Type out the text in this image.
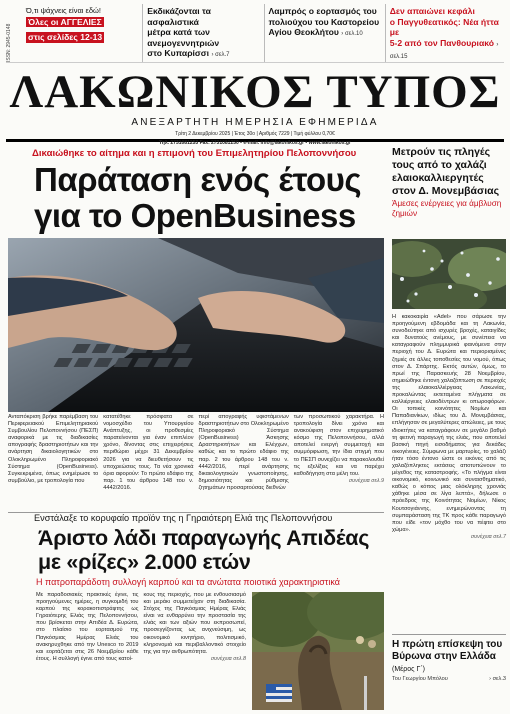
ISSN: 2945-0148
Ό,τι ψάχνεις είναι εδώ!
Όλες οι ΑΓΓΕΛΙΕΣ
στις σελίδες 12-13
Εκδικάζονται τα ασφαλιστικά
μέτρα κατά των ανεμογεννητριών
στο Κυπαρίσσι › σελ.7
Λαμπρός ο εορτασμός του
πολιούχου του Καστορείου
Αγίου Θεοκλήτου › σελ.10
Δεν απαιώνει κεφάλι
ο Παγγυθεατικός: Νέα ήττα με
5-2 από τον Πανθουριακό › σελ.15
ΛΑΚΩΝΙΚΟΣ ΤΥΠΟΣ
ΑΝΕΞΑΡΤΗΤΗ ΗΜΕΡΗΣΙΑ ΕΦΗΜΕΡΙΔΑ
Τρίτη 2 Δεκεμβρίου 2025 | Έτος 30ο | Αριθμός 7229 | Τιμή φύλλου 0,70€
Τηλ. 2731081253 Fax. 2731081250 • e-mail. info@lakonikos.gr • www.lakonikos.gr
Δικαιώθηκε το αίτημα και η επιμονή του Επιμελητηρίου Πελοποννήσου
Παράταση ενός έτους για το OpenBusiness
Ανταπόκριση βρήκε παρέμβαση του Περιφερειακού Επιμελητηριακού Συμβουλίου Πελοποννήσου (ΠΕΣΠ) αναφορικά με τις διαδικασίες απογραφής δραστηριοτήτων και την ανάρτηση δικαιολογητικών στο Ολοκληρωμένο Πληροφοριακό Σύστημα (OpenBusiness). Συγκεκριμένα, όπως ενημέρωσε το συμβούλιο, με τροπολογία που
κατατέθηκε πρόσφατα σε νομοσχέδιο του Υπουργείου Ανάπτυξης, οι προθεσμίες παρατείνονται για έναν επιπλέον χρόνο, δίνοντας στις επιχειρήσεις περιθώριο μέχρι 31 Δεκεμβρίου 2026 για να διευθετήσουν τις υποχρεώσεις τους. Τα νέα χρονικά όρια αφορούν: Το πρώτο εδάφιο της παρ. 1 του άρθρου 148 του ν. 4442/2016.
περί απογραφής υφιστάμενων δραστηριοτήτων στο Ολοκληρωμένο Πληροφοριακό Σύστημα (OpenBusiness) Άσκησης Δραστηριοτήτων και Ελέγχων, καθώς και το πρώτο εδάφιο της παρ. 2 του άρθρου 148 του ν. 4442/2016, περί ανάρτησης δικαιολογητικών γνωστοποίησης, δημοσιότητας και ρύθμισης ζητημάτων προσαρτούσας διεθνών
των προσωπικού χαρακτήρα. Η τροπολογία δίνει χρόνο και ανακούφιση στον επιχειρηματικό κόσμο της Πελοποννήσου, αλλά αποτελεί ενεργή συμμετοχή και συμμόρφωση, την ίδια στιγμή που το ΠΕΣΠ συνεχίζει να παρακολουθεί τις εξελίξεις και να παρέχει καθοδήγηση στα μέλη του.
συνέχεια σελ.9
Ενστάλαξε το κορυφαίο προϊόν της η Γηραιότερη Ελιά της Πελοποννήσου
Άριστο λάδι παραγωγής Απιδέας με «ρίζες» 2.000 ετών
Η πατροπαράδοτη συλλογή καρπού και τα ανώτατα ποιοτικά χαρακτηριστικά
Με παραδοσιακές πρακτικές έγινε, τις προηγούμενες ημέρες, η συγκομιδή του καρπού της κορακοπιστράφτης ως Γηραιότερης Ελιάς της Πελοποννήσου, που βρίσκεται στην Απιδέα Δ. Ευρώτα, στο πλαίσιο του εορτασμού της Παγκόσμιας Ημέρας Ελιάς του ανακηρυχθηκε από την Unesco το 2019 και εορτάζεται στις 26 Νοεμβρίου κάθε έτους. Η συλλογή έγινε από τους κατοί-
κους της περιοχής, που με ενθουσιασμό και μεράκι συμμετείχαν στη διαδικασία. Στόχος της Παγκόσμιας Ημέρας Ελιάς είναι να ενθαρρύνει την προστασία της ελιάς και των αξιών που εκπροσωπεί, προσεγγίζοντας ως ανιχνεύσιμη, ως οικονομικό κινητήριο, πολιτισμικό, κληρονομιά και περιβαλλοντικό στοιχείο της για την ανθρωπότητα.
συνέχεια σελ.8
Μετρούν τις πληγές τους από το χαλάζι ελαιοκαλλιεργητές στον Δ. Μονεμβάσιας
Άμεσες ενέργειες για άμβλυση ζημιών
Η κακοκαιρία «Adel» που σάρωσε την προηγούμενη εβδομάδα και τη Λακωνία, συνοδεύτηκε από ισχυρές βροχές, καταιγίδες και δυνατούς ανέμους, με συνέπεια να καταγραφούν πλημμυρικά φαινόμενα στην περιοχή του Δ. Ευρώτα και περιορισμένες ζημιές σε άλλες τοποθεσίες του νομού, όπως στον Δ. Σπάρτης. Εκτός αυτών, όμως, το πρωί της Παρασκευής 28 Νοεμβρίου, σημειώθηκε έντονη χαλαζόπτωση σε περιοχές της ελαιοκαλλιέργειας Λακωνίας, προκαλώντας εκτεταμένα πλήγματα σε καλλιέργειες ελαιοδέντρων κι οπωροφόρων. Οι τοπικές κοινότητες Νομίων και Παπαδιανίκων, ιδίως του Δ. Μονεμβάσιας, επλήγησαν σε μεγαλύτερες απώλειες, με τους ιδιοκτήτες να καταγράφουν σε μεγάλο βαθμό τη φετινή παραγωγή της ελιάς, που αποτελεί βασική πηγή εισοδήματος για δεκάδες οικογένειες. Σύμφωνα με μαρτυρίες, το χαλάζι ήταν τόσο έντονο ώστε οι εικόνες από τις χαλαζόπληκτες εκτάσεις αποτυπώνουν το μέγεθος της καταστροφής. «Το πλήγμα είναι οικονομικό, κοινωνικό και συναισθηματικό, καθώς ο κόπος μιας ολόκληρης χρονιάς χάθηκε μέσα σε λίγα λεπτά», δήλωσε ο πρόεδρος της Κοινότητας Νομίων, Νίκος Κουτσογιάννης, ενημερώνοντας τη συμπαράσταση της ΤΚ προς κάθε παραγωγό που είδε «τον μόχθο του να πέφτει στο χώμα».
συνέχεια σελ.7
Η πρώτη επίσκεψη του Βύρωνα στην Ελλάδα (Μέρος Γ΄)
Του Γεωργίου Μπόλου	› σελ.3
